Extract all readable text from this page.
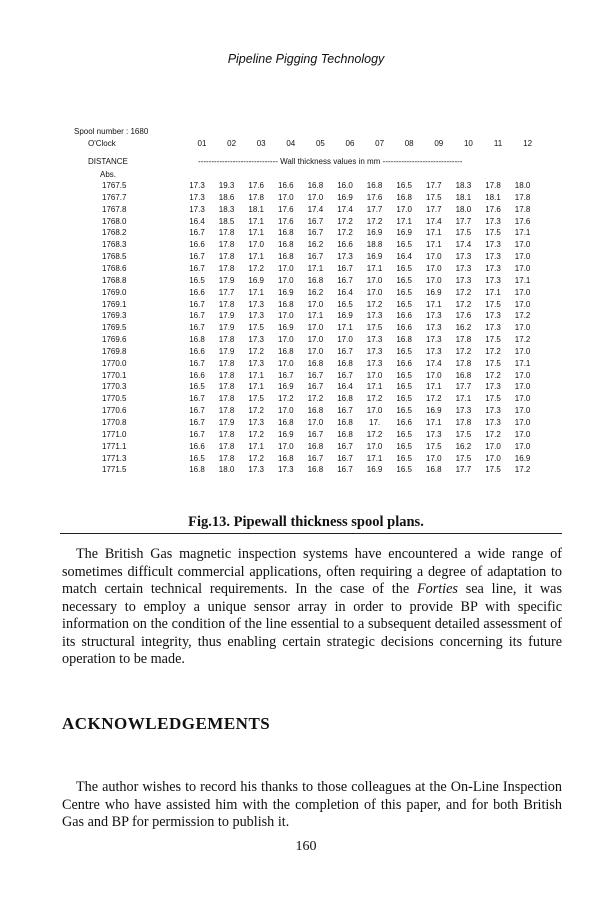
Pipeline Pigging Technology
Spool number : 1680
O'Clock	01	02	03	04	05	06	07	08	09	10	11	12
DISTANCE	------------------------------ Wall thickness values in mm ------------------------------
Abs.
1767.5	17.3	19.3	17.6	16.6	16.8	16.0	16.8	16.5	17.7	18.3	17.8	18.0
1767.7	17.3	18.6	17.8	17.0	17.0	16.9	17.6	16.8	17.5	18.1	18.1	17.8
1767.8	17.3	18.3	18.1	17.6	17.4	17.4	17.7	17.0	17.7	18.0	17.6	17.8
1768.0	16.4	18.5	17.1	17.6	16.7	17.2	17.2	17.1	17.4	17.7	17.3	17.6
1768.2	16.7	17.8	17.1	16.8	16.7	17.2	16.9	16.9	17.1	17.5	17.5	17.1
1768.3	16.6	17.8	17.0	16.8	16.2	16.6	18.8	16.5	17.1	17.4	17.3	17.0
1768.5	16.7	17.8	17.1	16.8	16.7	17.3	16.9	16.4	17.0	17.3	17.3	17.0
1768.6	16.7	17.8	17.2	17.0	17.1	16.7	17.1	16.5	17.0	17.3	17.3	17.0
1768.8	16.5	17.9	16.9	17.0	16.8	16.7	17.0	16.5	17.0	17.3	17.3	17.1
1769.0	16.6	17.7	17.1	16.9	16.2	16.4	17.0	16.5	16.9	17.2	17.1	17.0
1769.1	16.7	17.8	17.3	16.8	17.0	16.5	17.2	16.5	17.1	17.2	17.5	17.0
1769.3	16.7	17.9	17.3	17.0	17.1	16.9	17.3	16.6	17.3	17.6	17.3	17.2
1769.5	16.7	17.9	17.5	16.9	17.0	17.1	17.5	16.6	17.3	16.2	17.3	17.0
1769.6	16.8	17.8	17.3	17.0	17.0	17.0	17.3	16.8	17.3	17.8	17.5	17.2
1769.8	16.6	17.9	17.2	16.8	17.0	16.7	17.3	16.5	17.3	17.2	17.2	17.0
1770.0	16.7	17.8	17.3	17.0	16.8	16.8	17.3	16.6	17.4	17.8	17.5	17.1
1770.1	16.6	17.8	17.1	16.7	16.7	16.7	17.0	16.5	17.0	16.8	17.2	17.0
1770.3	16.5	17.8	17.1	16.9	16.7	16.4	17.1	16.5	17.1	17.7	17.3	17.0
1770.5	16.7	17.8	17.5	17.2	17.2	16.8	17.2	16.5	17.2	17.1	17.5	17.0
1770.6	16.7	17.8	17.2	17.0	16.8	16.7	17.0	16.5	16.9	17.3	17.3	17.0
1770.8	16.7	17.9	17.3	16.8	17.0	16.8	17.	16.6	17.1	17.8	17.3	17.0
1771.0	16.7	17.8	17.2	16.9	16.7	16.8	17.2	16.5	17.3	17.5	17.2	17.0
1771.1	16.6	17.8	17.1	17.0	16.8	16.7	17.0	16.5	17.5	16.2	17.0	17.0
1771.3	16.5	17.8	17.2	16.8	16.7	16.7	17.1	16.5	17.0	17.5	17.0	16.9
1771.5	16.8	18.0	17.3	17.3	16.8	16.7	16.9	16.5	16.8	17.7	17.5	17.2
Fig.13. Pipewall thickness spool plans.

The British Gas magnetic inspection systems have encountered a wide range of sometimes difficult commercial applications, often requiring a degree of adaptation to match certain technical requirements. In the case of the Forties sea line, it was necessary to employ a unique sensor array in order to provide BP with specific information on the condition of the line essential to a subsequent detailed assessment of its structural integrity, thus enabling certain strategic decisions concerning its future operation to be made.

ACKNOWLEDGEMENTS

The author wishes to record his thanks to those colleagues at the On-Line Inspection Centre who have assisted him with the completion of this paper, and for both British Gas and BP for permission to publish it.

160
